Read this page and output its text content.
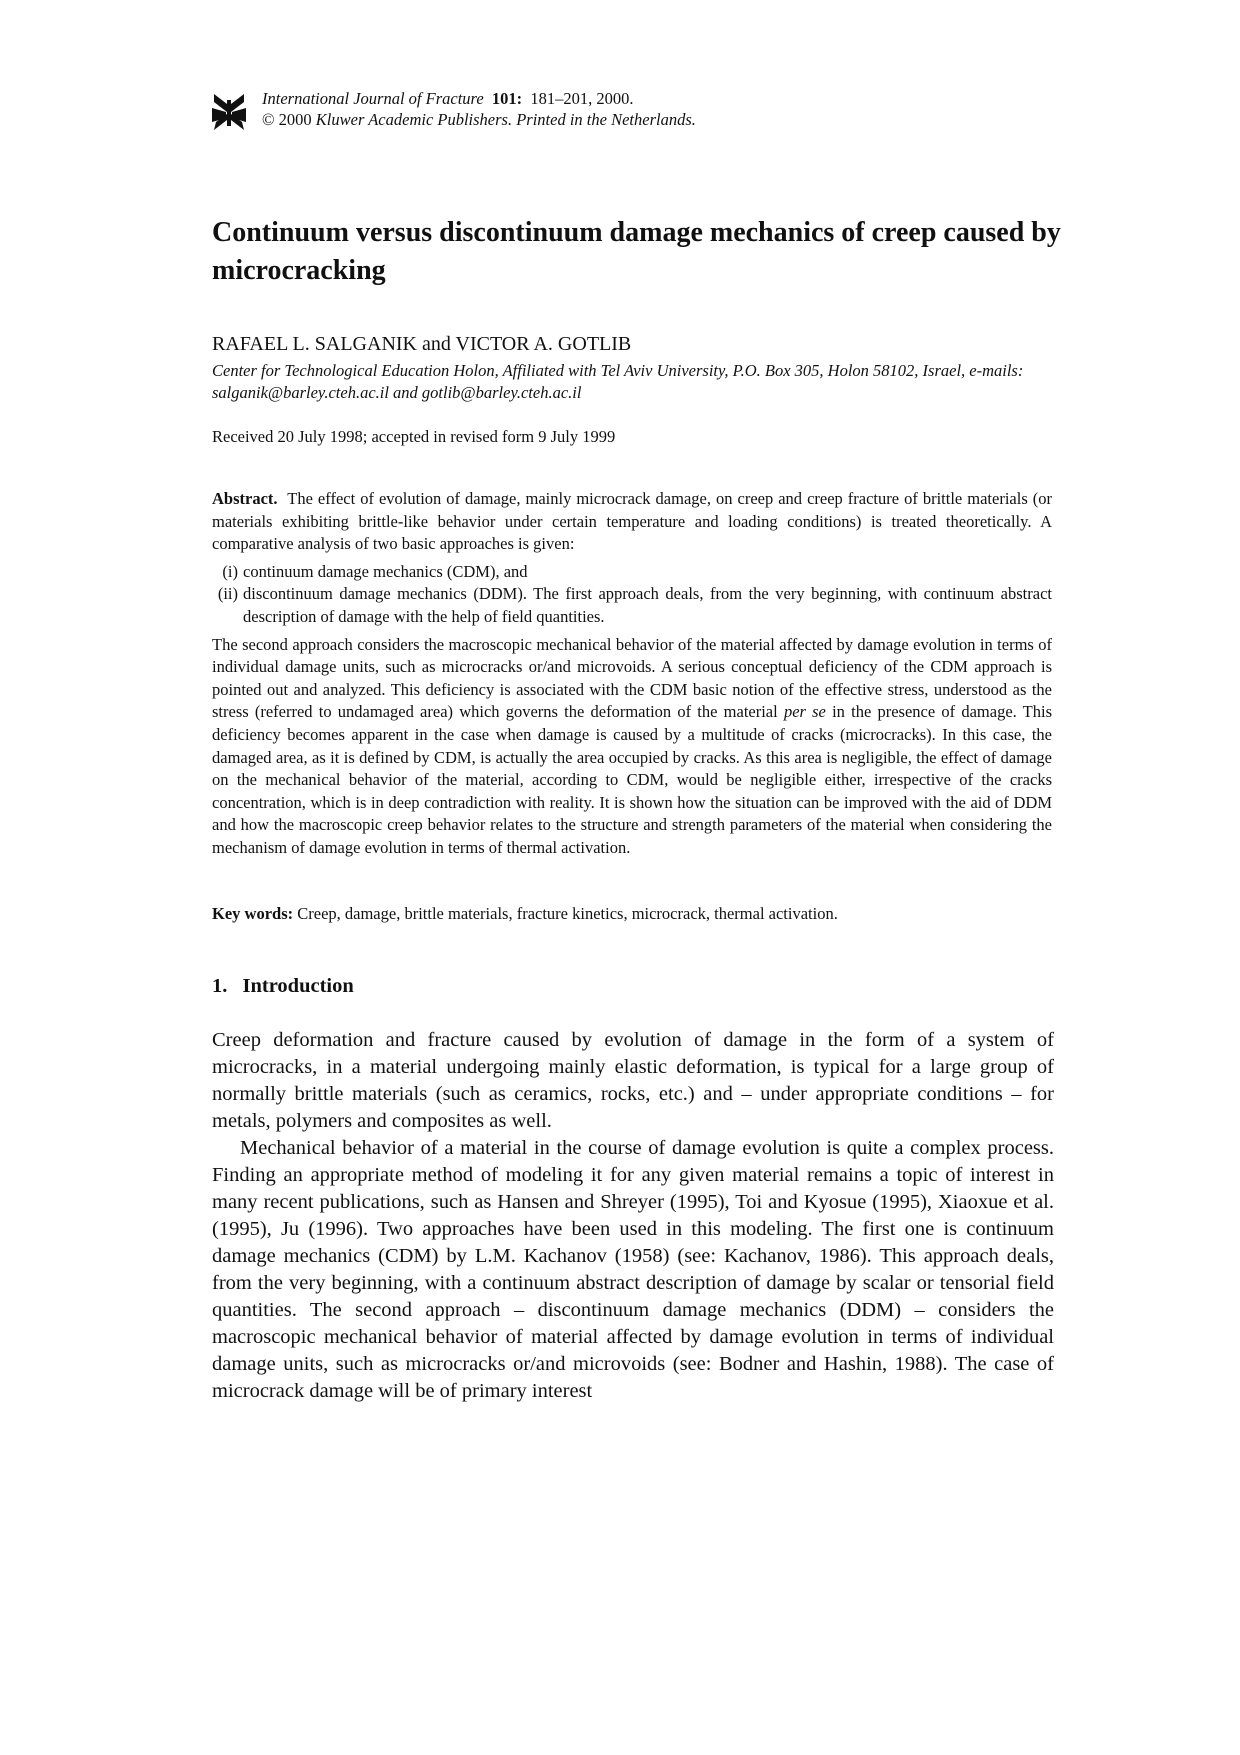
International Journal of Fracture 101: 181–201, 2000.
© 2000 Kluwer Academic Publishers. Printed in the Netherlands.
Continuum versus discontinuum damage mechanics of creep caused by microcracking
RAFAEL L. SALGANIK and VICTOR A. GOTLIB
Center for Technological Education Holon, Affiliated with Tel Aviv University, P.O. Box 305, Holon 58102, Israel, e-mails: salganik@barley.cteh.ac.il and gotlib@barley.cteh.ac.il
Received 20 July 1998; accepted in revised form 9 July 1999

Abstract. The effect of evolution of damage, mainly microcrack damage, on creep and creep fracture of brittle materials (or materials exhibiting brittle-like behavior under certain temperature and loading conditions) is treated theoretically. A comparative analysis of two basic approaches is given:

(i) continuum damage mechanics (CDM), and
(ii) discontinuum damage mechanics (DDM). The first approach deals, from the very beginning, with continuum abstract description of damage with the help of field quantities.

The second approach considers the macroscopic mechanical behavior of the material affected by damage evolution in terms of individual damage units, such as microcracks or/and microvoids. A serious conceptual deficiency of the CDM approach is pointed out and analyzed. This deficiency is associated with the CDM basic notion of the effective stress, understood as the stress (referred to undamaged area) which governs the deformation of the material per se in the presence of damage. This deficiency becomes apparent in the case when damage is caused by a multitude of cracks (microcracks). In this case, the damaged area, as it is defined by CDM, is actually the area occupied by cracks. As this area is negligible, the effect of damage on the mechanical behavior of the material, according to CDM, would be negligible either, irrespective of the cracks concentration, which is in deep contradiction with reality. It is shown how the situation can be improved with the aid of DDM and how the macroscopic creep behavior relates to the structure and strength parameters of the material when considering the mechanism of damage evolution in terms of thermal activation.

Key words: Creep, damage, brittle materials, fracture kinetics, microcrack, thermal activation.
1. Introduction

Creep deformation and fracture caused by evolution of damage in the form of a system of microcracks, in a material undergoing mainly elastic deformation, is typical for a large group of normally brittle materials (such as ceramics, rocks, etc.) and – under appropriate conditions – for metals, polymers and composites as well.

Mechanical behavior of a material in the course of damage evolution is quite a complex process. Finding an appropriate method of modeling it for any given material remains a topic of interest in many recent publications, such as Hansen and Shreyer (1995), Toi and Kyosue (1995), Xiaoxue et al. (1995), Ju (1996). Two approaches have been used in this modeling. The first one is continuum damage mechanics (CDM) by L.M. Kachanov (1958) (see: Kachanov, 1986). This approach deals, from the very beginning, with a continuum abstract description of damage by scalar or tensorial field quantities. The second approach – discontinuum damage mechanics (DDM) – considers the macroscopic mechanical behavior of material affected by damage evolution in terms of individual damage units, such as microcracks or/and microvoids (see: Bodner and Hashin, 1988). The case of microcrack damage will be of primary interest
